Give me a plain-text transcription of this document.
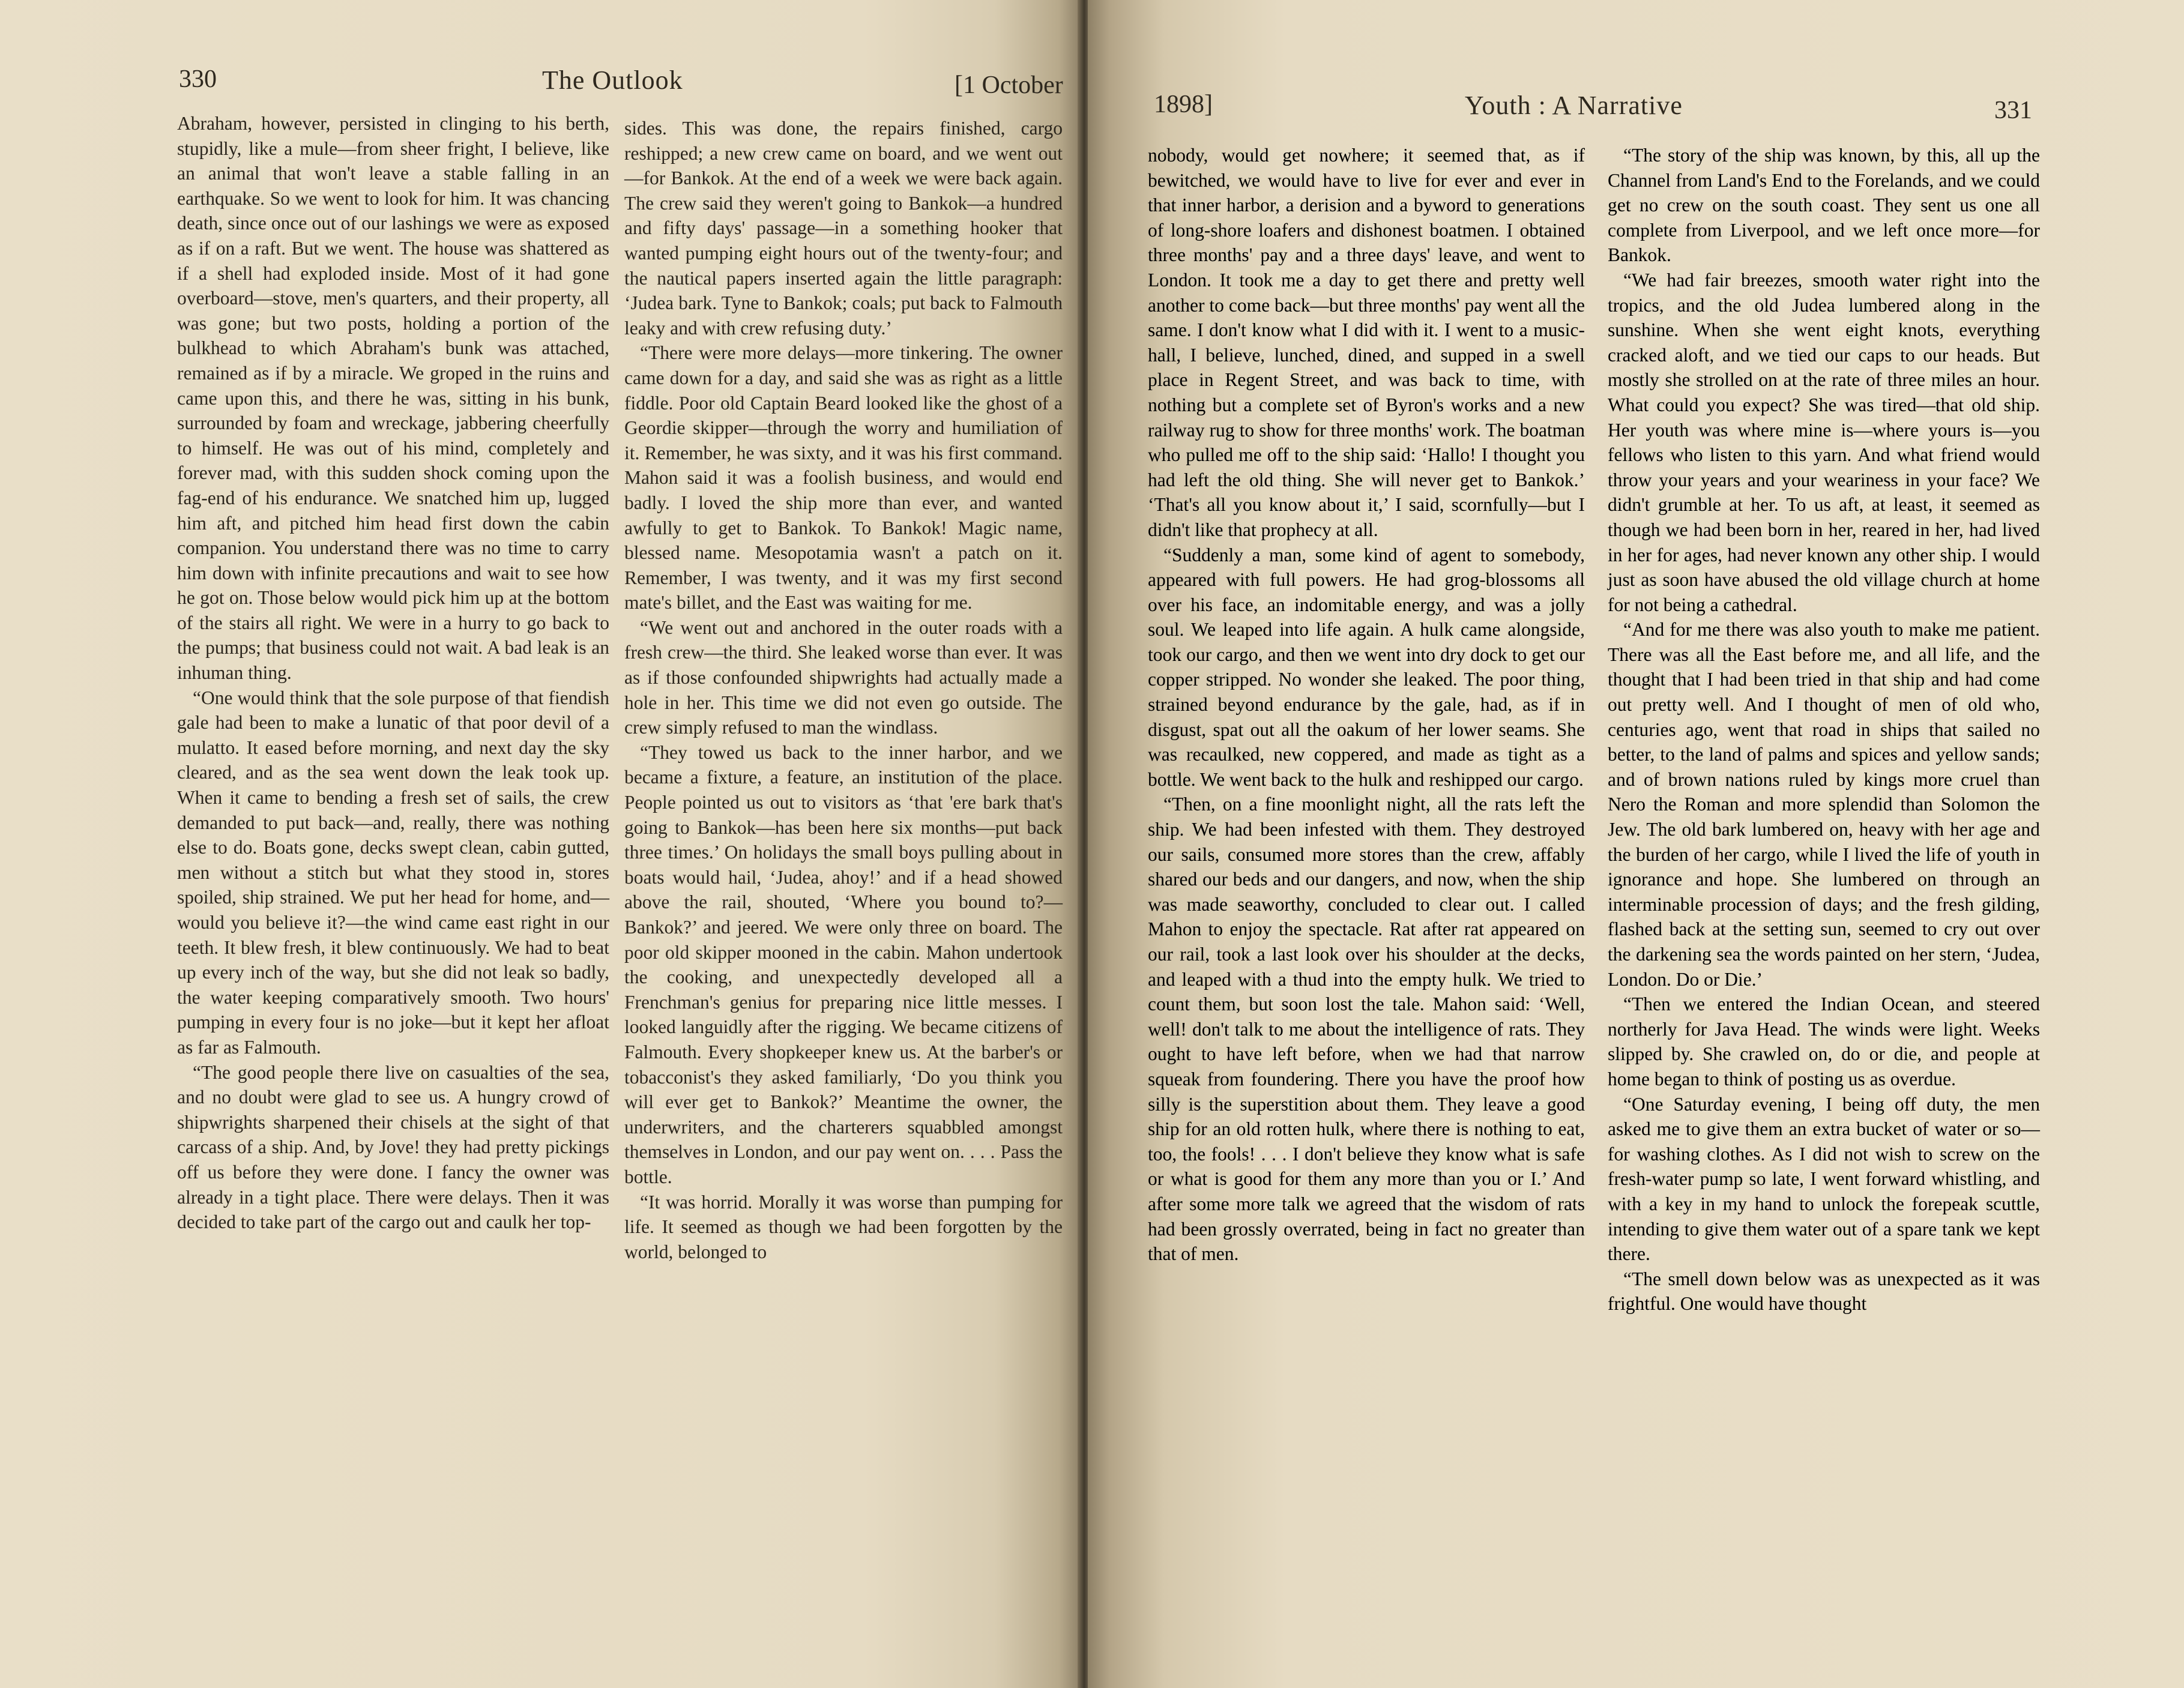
330	The Outlook	[1 October

Abraham, however, persisted in clinging to his berth, stupidly, like a mule—from sheer fright, I believe, like an animal that won't leave a stable falling in an earthquake. So we went to look for him. It was chancing death, since once out of our lashings we were as exposed as if on a raft. But we went. The house was shattered as if a shell had exploded inside. Most of it had gone overboard—stove, men's quarters, and their property, all was gone; but two posts, holding a portion of the bulkhead to which Abraham's bunk was attached, remained as if by a miracle. We groped in the ruins and came upon this, and there he was, sitting in his bunk, surrounded by foam and wreckage, jabbering cheerfully to himself. He was out of his mind, completely and forever mad, with this sudden shock coming upon the fag-end of his endurance. We snatched him up, lugged him aft, and pitched him head first down the cabin companion. You understand there was no time to carry him down with infinite precautions and wait to see how he got on. Those below would pick him up at the bottom of the stairs all right. We were in a hurry to go back to the pumps; that business could not wait. A bad leak is an inhuman thing.

“One would think that the sole purpose of that fiendish gale had been to make a lunatic of that poor devil of a mulatto. It eased before morning, and next day the sky cleared, and as the sea went down the leak took up. When it came to bending a fresh set of sails, the crew demanded to put back—and, really, there was nothing else to do. Boats gone, decks swept clean, cabin gutted, men without a stitch but what they stood in, stores spoiled, ship strained. We put her head for home, and—would you believe it?—the wind came east right in our teeth. It blew fresh, it blew continuously. We had to beat up every inch of the way, but she did not leak so badly, the water keeping comparatively smooth. Two hours' pumping in every four is no joke—but it kept her afloat as far as Falmouth.

“The good people there live on casualties of the sea, and no doubt were glad to see us. A hungry crowd of shipwrights sharpened their chisels at the sight of that carcass of a ship. And, by Jove! they had pretty pickings off us before they were done. I fancy the owner was already in a tight place. There were delays. Then it was decided to take part of the cargo out and caulk her top-

sides. This was done, the repairs finished, cargo reshipped; a new crew came on board, and we went out—for Bankok. At the end of a week we were back again. The crew said they weren't going to Bankok—a hundred and fifty days' passage—in a something hooker that wanted pumping eight hours out of the twenty-four; and the nautical papers inserted again the little paragraph: ‘Judea bark. Tyne to Bankok; coals; put back to Falmouth leaky and with crew refusing duty.’

“There were more delays—more tinkering. The owner came down for a day, and said she was as right as a little fiddle. Poor old Captain Beard looked like the ghost of a Geordie skipper—through the worry and humiliation of it. Remember, he was sixty, and it was his first command. Mahon said it was a foolish business, and would end badly. I loved the ship more than ever, and wanted awfully to get to Bankok. To Bankok! Magic name, blessed name. Mesopotamia wasn't a patch on it. Remember, I was twenty, and it was my first second mate's billet, and the East was waiting for me.

“We went out and anchored in the outer roads with a fresh crew—the third. She leaked worse than ever. It was as if those confounded shipwrights had actually made a hole in her. This time we did not even go outside. The crew simply refused to man the windlass.

“They towed us back to the inner harbor, and we became a fixture, a feature, an institution of the place. People pointed us out to visitors as ‘that 'ere bark that's going to Bankok—has been here six months—put back three times.’ On holidays the small boys pulling about in boats would hail, ‘Judea, ahoy!’ and if a head showed above the rail, shouted, ‘Where you bound to?—Bankok?’ and jeered. We were only three on board. The poor old skipper mooned in the cabin. Mahon undertook the cooking, and unexpectedly developed all a Frenchman's genius for preparing nice little messes. I looked languidly after the rigging. We became citizens of Falmouth. Every shopkeeper knew us. At the barber's or tobacconist's they asked familiarly, ‘Do you think you will ever get to Bankok?’ Meantime the owner, the underwriters, and the charterers squabbled amongst themselves in London, and our pay went on. . . . Pass the bottle.

“It was horrid. Morally it was worse than pumping for life. It seemed as though we had been forgotten by the world, belonged to

1898]	Youth : A Narrative	331

nobody, would get nowhere; it seemed that, as if bewitched, we would have to live for ever and ever in that inner harbor, a derision and a byword to generations of long-shore loafers and dishonest boatmen. I obtained three months' pay and a three days' leave, and went to London. It took me a day to get there and pretty well another to come back—but three months' pay went all the same. I don't know what I did with it. I went to a music-hall, I believe, lunched, dined, and supped in a swell place in Regent Street, and was back to time, with nothing but a complete set of Byron's works and a new railway rug to show for three months' work. The boatman who pulled me off to the ship said: ‘Hallo! I thought you had left the old thing. She will never get to Bankok.’ ‘That's all you know about it,’ I said, scornfully—but I didn't like that prophecy at all.

“Suddenly a man, some kind of agent to somebody, appeared with full powers. He had grog-blossoms all over his face, an indomitable energy, and was a jolly soul. We leaped into life again. A hulk came alongside, took our cargo, and then we went into dry dock to get our copper stripped. No wonder she leaked. The poor thing, strained beyond endurance by the gale, had, as if in disgust, spat out all the oakum of her lower seams. She was recaulked, new coppered, and made as tight as a bottle. We went back to the hulk and reshipped our cargo.

“Then, on a fine moonlight night, all the rats left the ship. We had been infested with them. They destroyed our sails, consumed more stores than the crew, affably shared our beds and our dangers, and now, when the ship was made seaworthy, concluded to clear out. I called Mahon to enjoy the spectacle. Rat after rat appeared on our rail, took a last look over his shoulder at the decks, and leaped with a thud into the empty hulk. We tried to count them, but soon lost the tale. Mahon said: ‘Well, well! don't talk to me about the intelligence of rats. They ought to have left before, when we had that narrow squeak from foundering. There you have the proof how silly is the superstition about them. They leave a good ship for an old rotten hulk, where there is nothing to eat, too, the fools! . . . I don't believe they know what is safe or what is good for them any more than you or I.’ And after some more talk we agreed that the wisdom of rats had been grossly overrated, being in fact no greater than that of men.

“The story of the ship was known, by this, all up the Channel from Land's End to the Forelands, and we could get no crew on the south coast. They sent us one all complete from Liverpool, and we left once more—for Bankok.

“We had fair breezes, smooth water right into the tropics, and the old Judea lumbered along in the sunshine. When she went eight knots, everything cracked aloft, and we tied our caps to our heads. But mostly she strolled on at the rate of three miles an hour. What could you expect? She was tired—that old ship. Her youth was where mine is—where yours is—you fellows who listen to this yarn. And what friend would throw your years and your weariness in your face? We didn't grumble at her. To us aft, at least, it seemed as though we had been born in her, reared in her, had lived in her for ages, had never known any other ship. I would just as soon have abused the old village church at home for not being a cathedral.

“And for me there was also youth to make me patient. There was all the East before me, and all life, and the thought that I had been tried in that ship and had come out pretty well. And I thought of men of old who, centuries ago, went that road in ships that sailed no better, to the land of palms and spices and yellow sands; and of brown nations ruled by kings more cruel than Nero the Roman and more splendid than Solomon the Jew. The old bark lumbered on, heavy with her age and the burden of her cargo, while I lived the life of youth in ignorance and hope. She lumbered on through an interminable procession of days; and the fresh gilding, flashed back at the setting sun, seemed to cry out over the darkening sea the words painted on her stern, ‘Judea, London. Do or Die.’

“Then we entered the Indian Ocean, and steered northerly for Java Head. The winds were light. Weeks slipped by. She crawled on, do or die, and people at home began to think of posting us as overdue.

“One Saturday evening, I being off duty, the men asked me to give them an extra bucket of water or so—for washing clothes. As I did not wish to screw on the fresh-water pump so late, I went forward whistling, and with a key in my hand to unlock the forepeak scuttle, intending to give them water out of a spare tank we kept there.

“The smell down below was as unexpected as it was frightful. One would have thought
